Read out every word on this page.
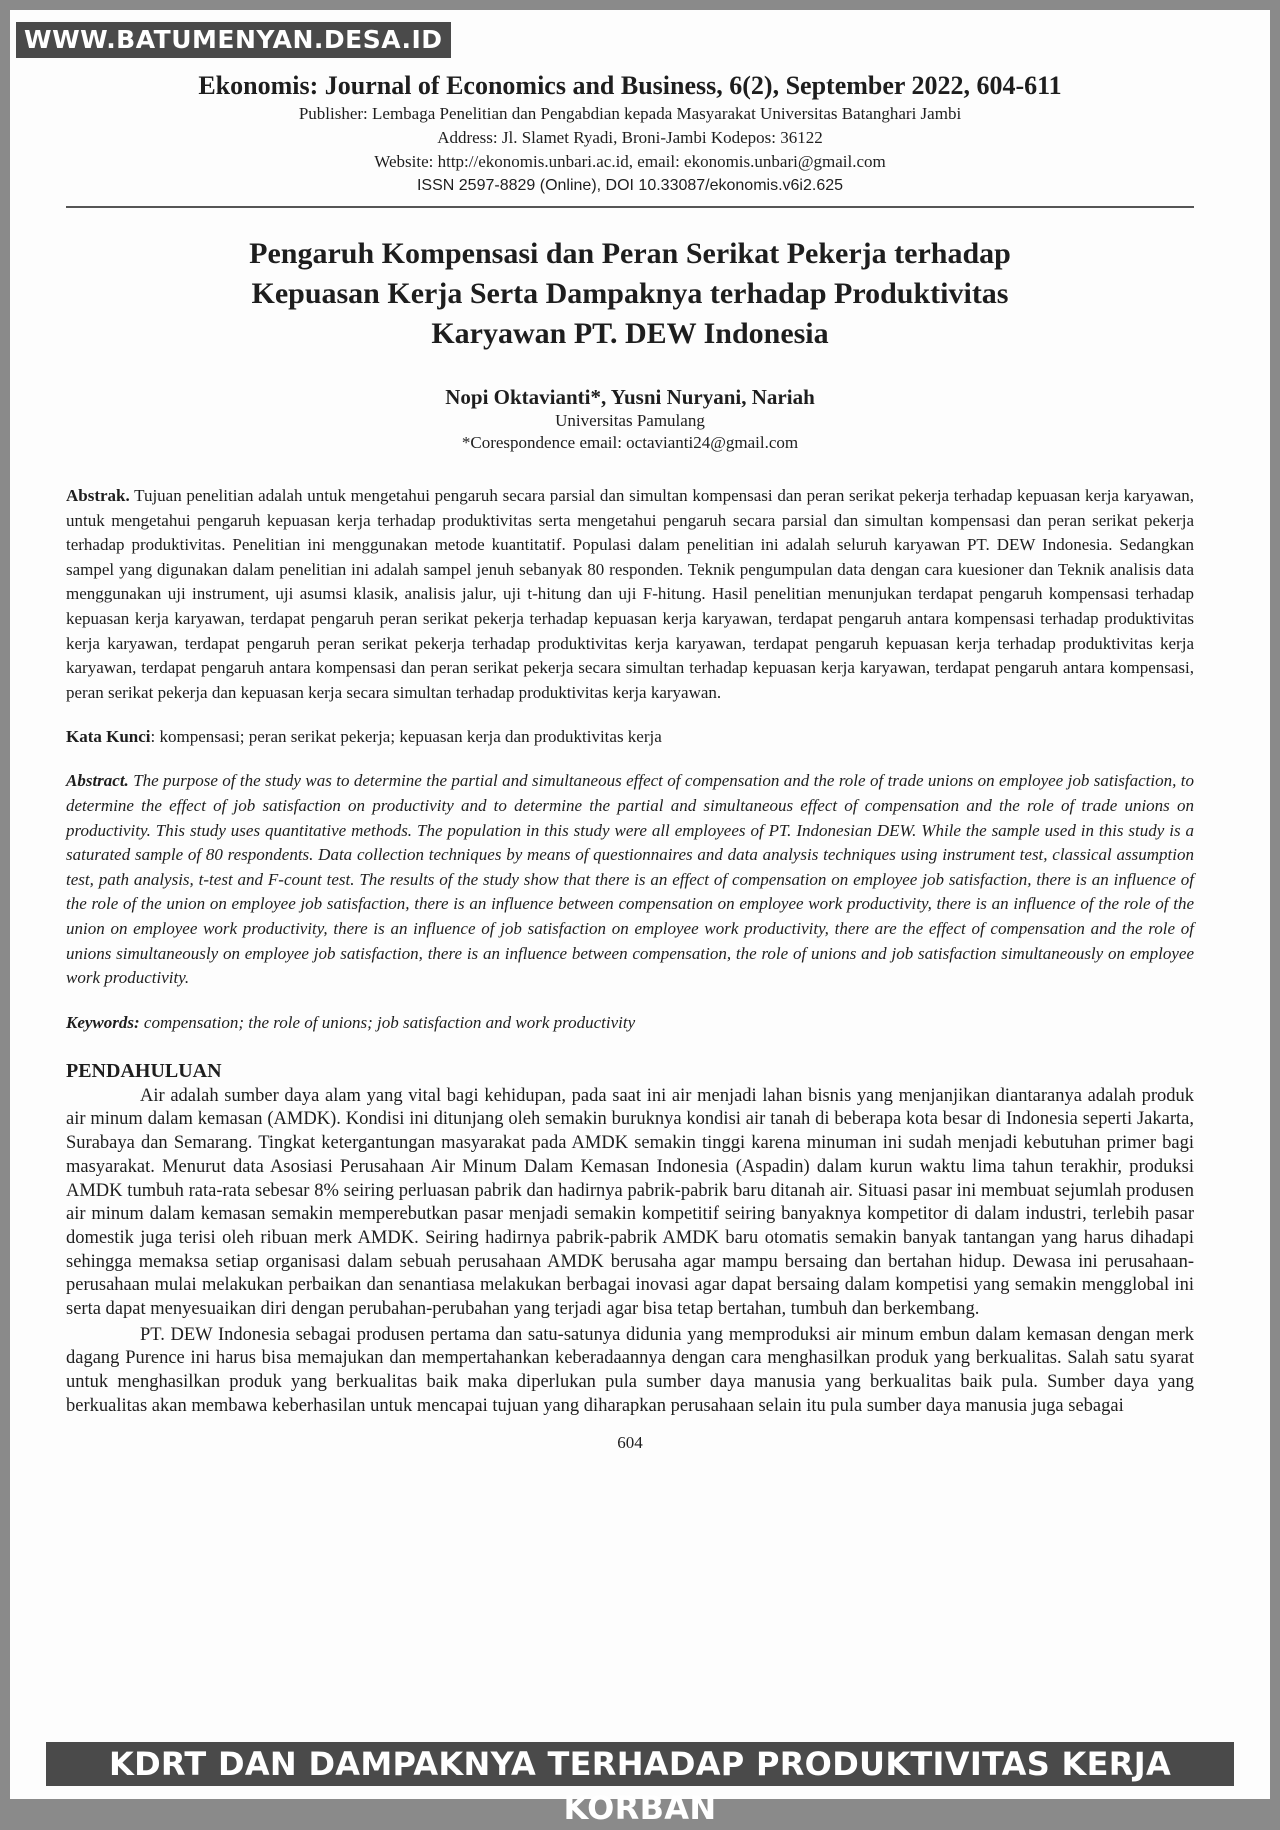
WWW.BATUMENYAN.DESA.ID

Ekonomis: Journal of Economics and Business, 6(2), September 2022, 604-611

Publisher: Lembaga Penelitian dan Pengabdian kepada Masyarakat Universitas Batanghari Jambi

Address: Jl. Slamet Ryadi, Broni-Jambi Kodepos: 36122

Website: http://ekonomis.unbari.ac.id, email: ekonomis.unbari@gmail.com

ISSN 2597-8829 (Online), DOI 10.33087/ekonomis.v6i2.625

Pengaruh Kompensasi dan Peran Serikat Pekerja terhadap
Kepuasan Kerja Serta Dampaknya terhadap Produktivitas
Karyawan PT. DEW Indonesia

Nopi Oktavianti*, Yusni Nuryani, Nariah

Universitas Pamulang

*Corespondence email: octavianti24@gmail.com

Abstrak. Tujuan penelitian adalah untuk mengetahui pengaruh secara parsial dan simultan kompensasi dan peran serikat pekerja terhadap kepuasan kerja karyawan, untuk mengetahui pengaruh kepuasan kerja terhadap produktivitas serta mengetahui pengaruh secara parsial dan simultan kompensasi dan peran serikat pekerja terhadap produktivitas. Penelitian ini menggunakan metode kuantitatif. Populasi dalam penelitian ini adalah seluruh karyawan PT. DEW Indonesia. Sedangkan sampel yang digunakan dalam penelitian ini adalah sampel jenuh sebanyak 80 responden. Teknik pengumpulan data dengan cara kuesioner dan Teknik analisis data menggunakan uji instrument, uji asumsi klasik, analisis jalur, uji t-hitung dan uji F-hitung. Hasil penelitian menunjukan terdapat pengaruh kompensasi terhadap kepuasan kerja karyawan, terdapat pengaruh peran serikat pekerja terhadap kepuasan kerja karyawan, terdapat pengaruh antara kompensasi terhadap produktivitas kerja karyawan, terdapat pengaruh peran serikat pekerja terhadap produktivitas kerja karyawan, terdapat pengaruh kepuasan kerja terhadap produktivitas kerja karyawan, terdapat pengaruh antara kompensasi dan peran serikat pekerja secara simultan terhadap kepuasan kerja karyawan, terdapat pengaruh antara kompensasi, peran serikat pekerja dan kepuasan kerja secara simultan terhadap produktivitas kerja karyawan.

Kata Kunci: kompensasi; peran serikat pekerja; kepuasan kerja dan produktivitas kerja

Abstract. The purpose of the study was to determine the partial and simultaneous effect of compensation and the role of trade unions on employee job satisfaction, to determine the effect of job satisfaction on productivity and to determine the partial and simultaneous effect of compensation and the role of trade unions on productivity. This study uses quantitative methods. The population in this study were all employees of PT. Indonesian DEW. While the sample used in this study is a saturated sample of 80 respondents. Data collection techniques by means of questionnaires and data analysis techniques using instrument test, classical assumption test, path analysis, t-test and F-count test. The results of the study show that there is an effect of compensation on employee job satisfaction, there is an influence of the role of the union on employee job satisfaction, there is an influence between compensation on employee work productivity, there is an influence of the role of the union on employee work productivity, there is an influence of job satisfaction on employee work productivity, there are the effect of compensation and the role of unions simultaneously on employee job satisfaction, there is an influence between compensation, the role of unions and job satisfaction simultaneously on employee work productivity.

Keywords: compensation; the role of unions; job satisfaction and work productivity

PENDAHULUAN

Air adalah sumber daya alam yang vital bagi kehidupan, pada saat ini air menjadi lahan bisnis yang menjanjikan diantaranya adalah produk air minum dalam kemasan (AMDK). Kondisi ini ditunjang oleh semakin buruknya kondisi air tanah di beberapa kota besar di Indonesia seperti Jakarta, Surabaya dan Semarang. Tingkat ketergantungan masyarakat pada AMDK semakin tinggi karena minuman ini sudah menjadi kebutuhan primer bagi masyarakat. Menurut data Asosiasi Perusahaan Air Minum Dalam Kemasan Indonesia (Aspadin) dalam kurun waktu lima tahun terakhir, produksi AMDK tumbuh rata-rata sebesar 8% seiring perluasan pabrik dan hadirnya pabrik-pabrik baru ditanah air. Situasi pasar ini membuat sejumlah produsen air minum dalam kemasan semakin memperebutkan pasar menjadi semakin kompetitif seiring banyaknya kompetitor di dalam industri, terlebih pasar domestik juga terisi oleh ribuan merk AMDK. Seiring hadirnya pabrik-pabrik AMDK baru otomatis semakin banyak tantangan yang harus dihadapi sehingga memaksa setiap organisasi dalam sebuah perusahaan AMDK berusaha agar mampu bersaing dan bertahan hidup. Dewasa ini perusahaan-perusahaan mulai melakukan perbaikan dan senantiasa melakukan berbagai inovasi agar dapat bersaing dalam kompetisi yang semakin mengglobal ini serta dapat menyesuaikan diri dengan perubahan-perubahan yang terjadi agar bisa tetap bertahan, tumbuh dan berkembang.

PT. DEW Indonesia sebagai produsen pertama dan satu-satunya didunia yang memproduksi air minum embun dalam kemasan dengan merk dagang Purence ini harus bisa memajukan dan mempertahankan keberadaannya dengan cara menghasilkan produk yang berkualitas. Salah satu syarat untuk menghasilkan produk yang berkualitas baik maka diperlukan pula sumber daya manusia yang berkualitas baik pula. Sumber daya yang berkualitas akan membawa keberhasilan untuk mencapai tujuan yang diharapkan perusahaan selain itu pula sumber daya manusia juga sebagai

604

KDRT DAN DAMPAKNYA TERHADAP PRODUKTIVITAS KERJA KORBAN
